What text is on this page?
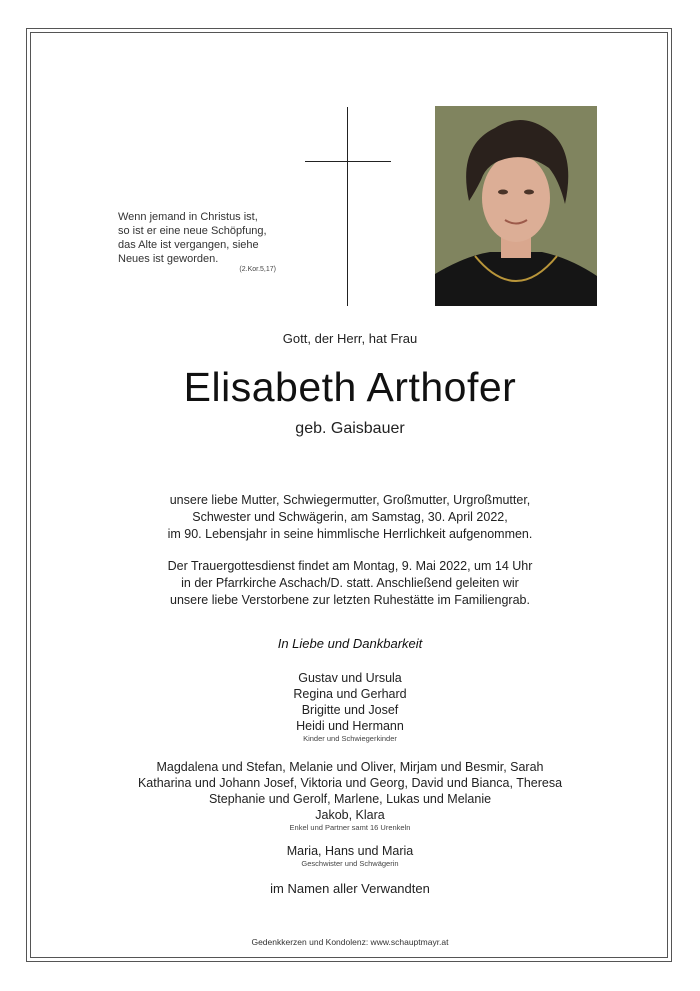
Wenn jemand in Christus ist,
so ist er eine neue Schöpfung,
das Alte ist vergangen, siehe
Neues ist geworden.
(2.Kor.5,17)
Gott, der Herr, hat Frau
Elisabeth Arthofer
geb. Gaisbauer
unsere liebe Mutter, Schwiegermutter, Großmutter, Urgroßmutter,
Schwester und Schwägerin, am Samstag, 30. April 2022,
im 90. Lebensjahr in seine himmlische Herrlichkeit aufgenommen.
Der Trauergottesdienst findet am Montag, 9. Mai 2022, um 14 Uhr
in der Pfarrkirche Aschach/D. statt. Anschließend geleiten wir
unsere liebe Verstorbene zur letzten Ruhestätte im Familiengrab.
In Liebe und Dankbarkeit
Gustav und Ursula
Regina und Gerhard
Brigitte und Josef
Heidi und Hermann
Kinder und Schwiegerkinder
Magdalena und Stefan, Melanie und Oliver, Mirjam und Besmir, Sarah
Katharina und Johann Josef, Viktoria und Georg, David und Bianca, Theresa
Stephanie und Gerolf, Marlene, Lukas und Melanie
Jakob, Klara
Enkel und Partner samt 16 Urenkeln
Maria, Hans und Maria
Geschwister und Schwägerin
im Namen aller Verwandten
Gedenkkerzen und Kondolenz: www.schauptmayr.at
